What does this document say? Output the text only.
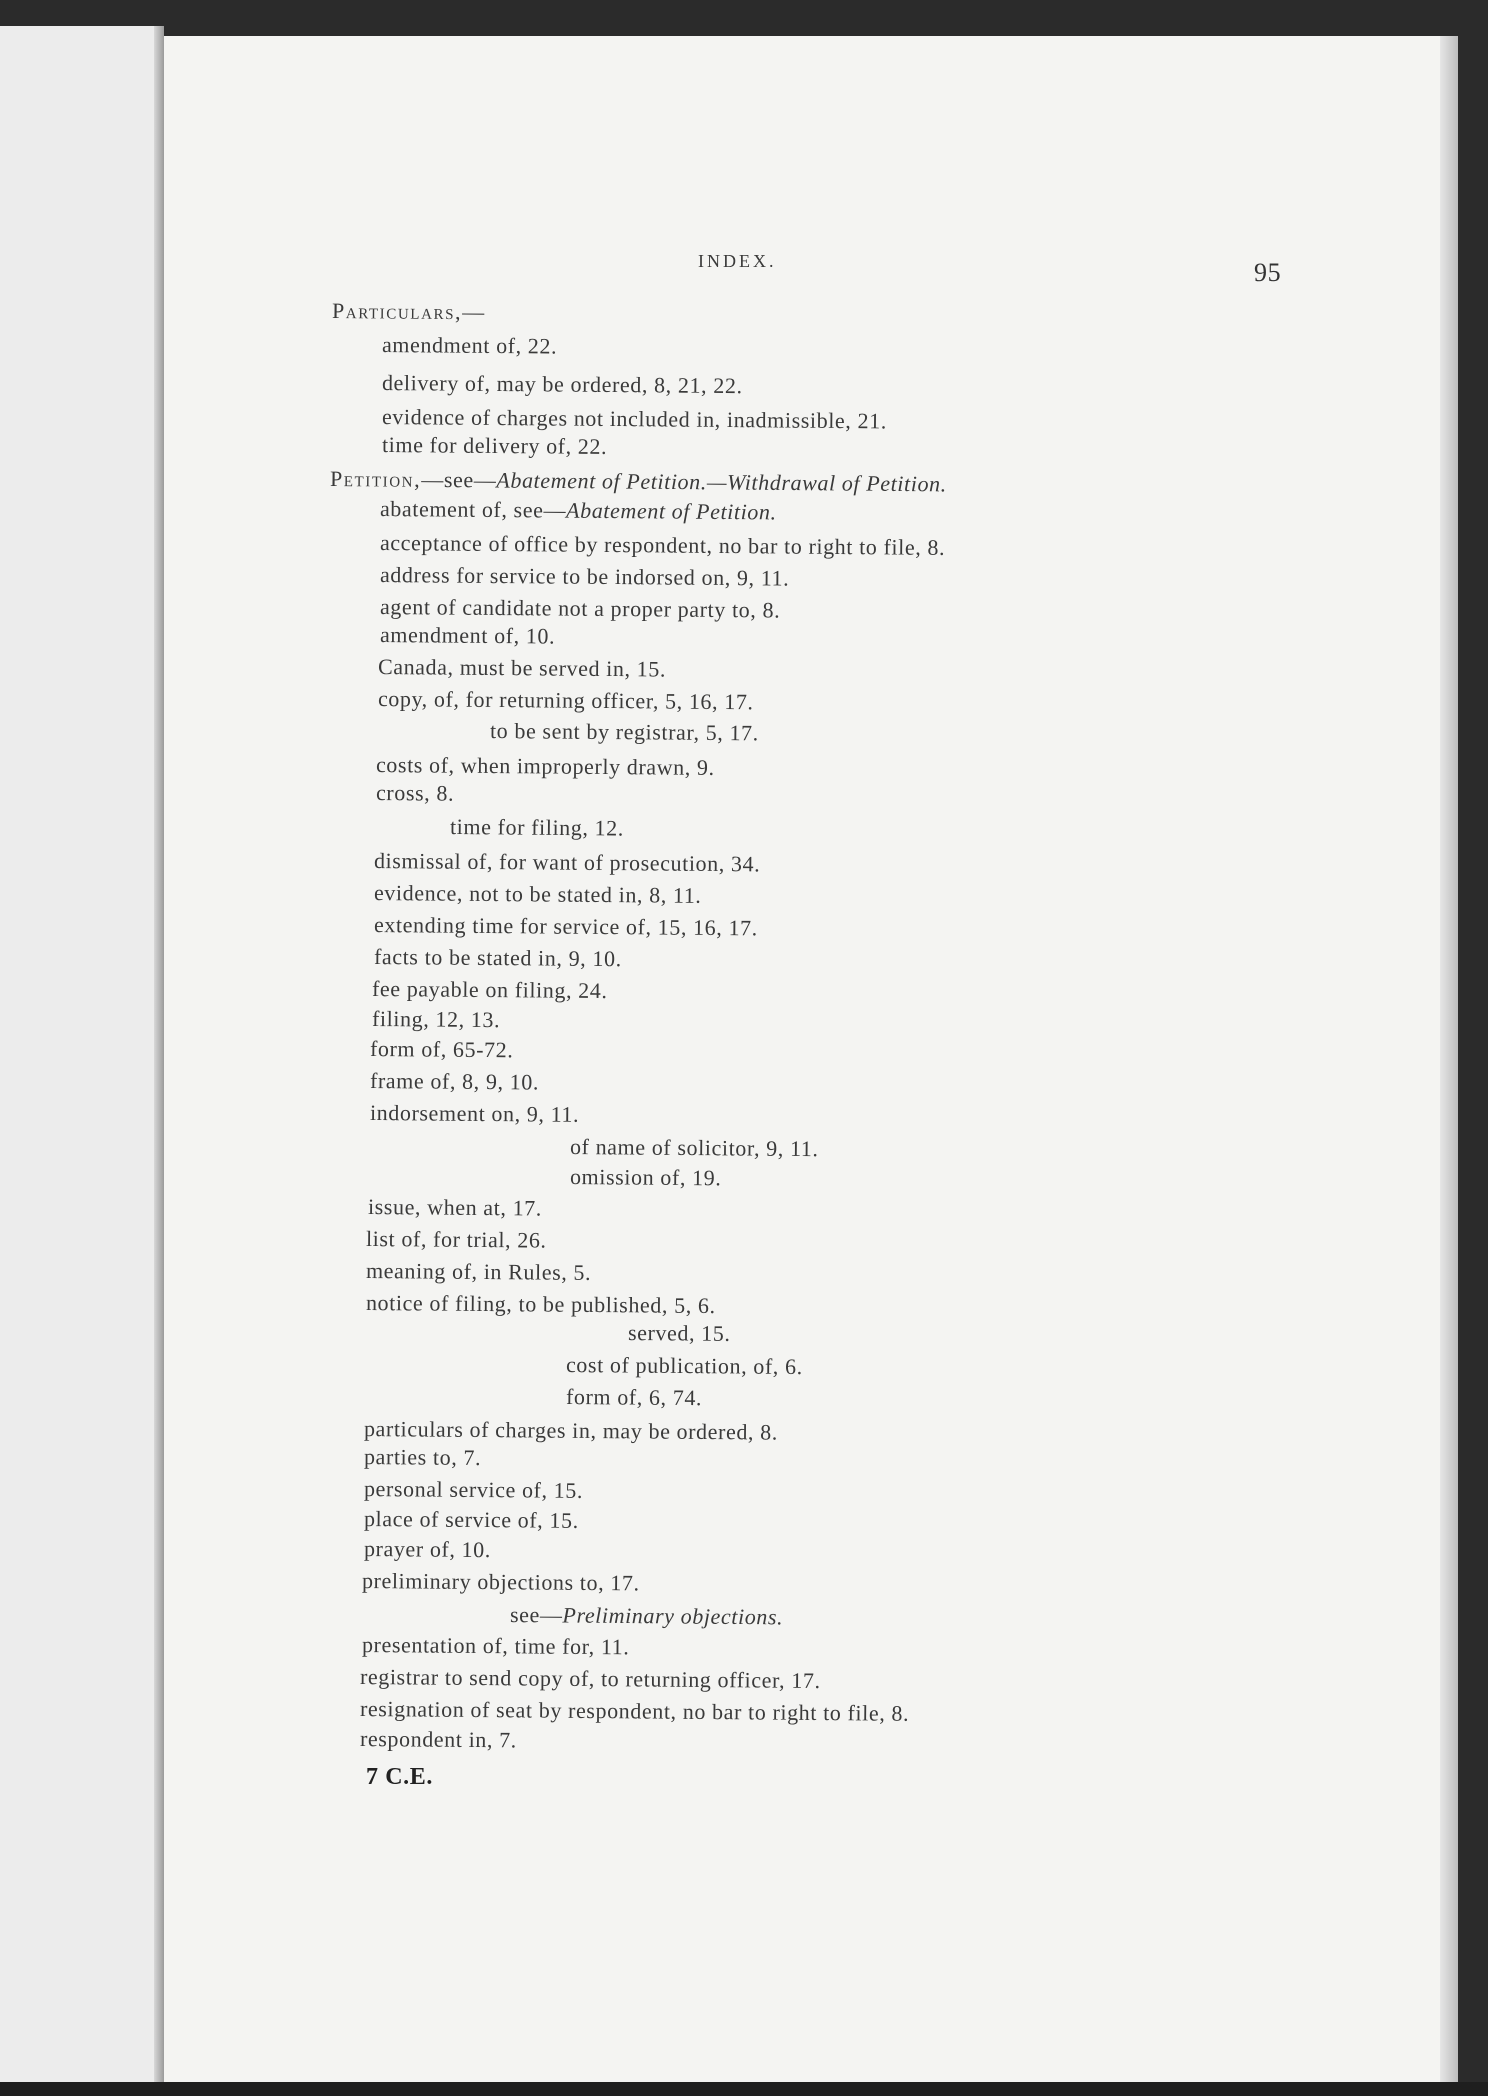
INDEX.	95
Particulars,—
amendment of, 22.
delivery of, may be ordered, 8, 21, 22.
evidence of charges not included in, inadmissible, 21.
time for delivery of, 22.
Petition,—see—Abatement of Petition.—Withdrawal of Petition.
abatement of, see—Abatement of Petition.
acceptance of office by respondent, no bar to right to file, 8.
address for service to be indorsed on, 9, 11.
agent of candidate not a proper party to, 8.
amendment of, 10.
Canada, must be served in, 15.
copy, of, for returning officer, 5, 16, 17.
to be sent by registrar, 5, 17.
costs of, when improperly drawn, 9.
cross, 8.
time for filing, 12.
dismissal of, for want of prosecution, 34.
evidence, not to be stated in, 8, 11.
extending time for service of, 15, 16, 17.
facts to be stated in, 9, 10.
fee payable on filing, 24.
filing, 12, 13.
form of, 65-72.
frame of, 8, 9, 10.
indorsement on, 9, 11.
of name of solicitor, 9, 11.
omission of, 19.
issue, when at, 17.
list of, for trial, 26.
meaning of, in Rules, 5.
notice of filing, to be published, 5, 6.
served, 15.
cost of publication, of, 6.
form of, 6, 74.
particulars of charges in, may be ordered, 8.
parties to, 7.
personal service of, 15.
place of service of, 15.
prayer of, 10.
preliminary objections to, 17.
see—Preliminary objections.
presentation of, time for, 11.
registrar to send copy of, to returning officer, 17.
resignation of seat by respondent, no bar to right to file, 8.
respondent in, 7.
7 C.E.
